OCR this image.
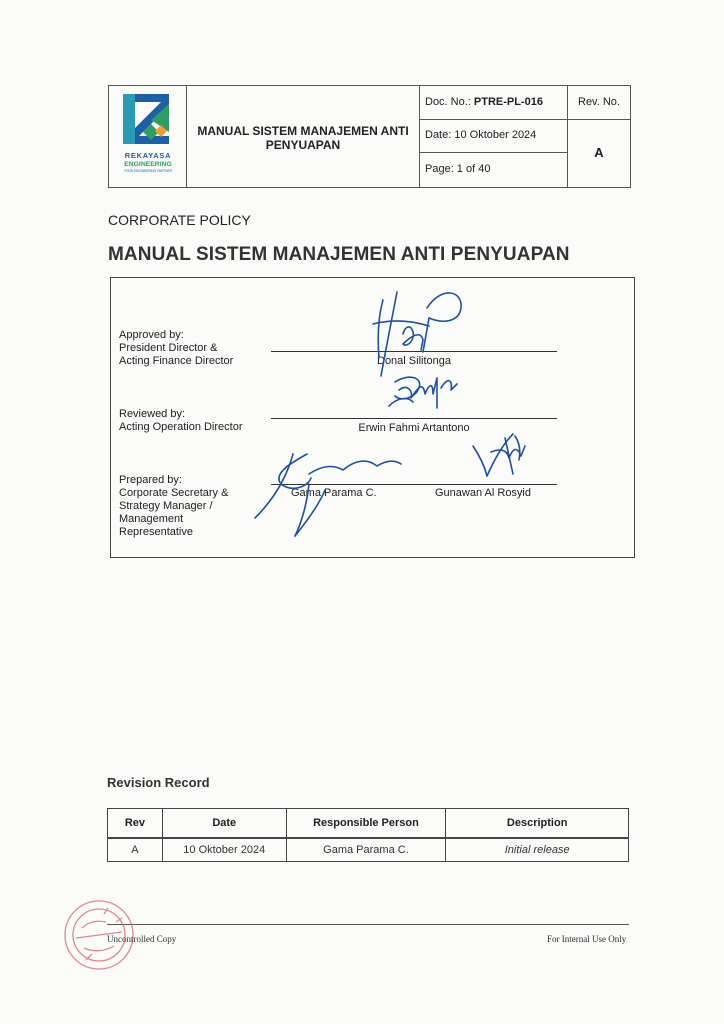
REKAYASA
ENGINEERING
YOUR ENGINEERING PARTNER
MANUAL SISTEM MANAJEMEN ANTI PENYUAPAN
Doc. No.: PTRE-PL-016
Date: 10 Oktober 2024
Page: 1 of 40
Rev. No.
A
CORPORATE POLICY
MANUAL SISTEM MANAJEMEN ANTI PENYUAPAN
Approved by:
President Director &
Acting Finance Director	Donal Silitonga
Reviewed by:
Acting Operation Director	Erwin Fahmi Artantono
Prepared by:
Corporate Secretary &
Strategy Manager /
Management
Representative
Gama Parama C.	Gunawan Al Rosyid
Revision Record
Rev	Date	Responsible Person	Description
A	10 Oktober 2024	Gama Parama C.	Initial release
Uncontrolled Copy	For Internal Use Only
